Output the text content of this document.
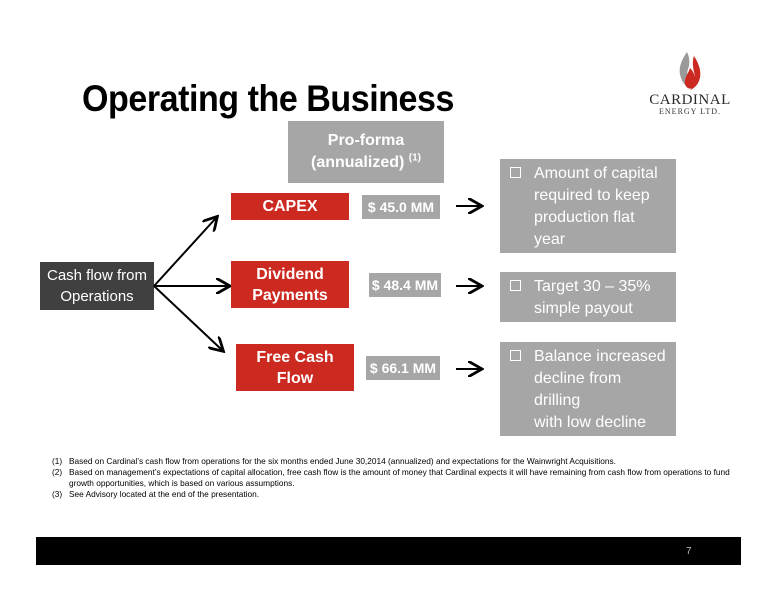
Operating the Business	CARDINAL
ENERGY LTD.
Pro-forma
(annualized) $^{(1)}$
Cash flow from
Operations
CAPEX	$ 45.0 MM
Amount of capital
required to keep
production flat year
over year
Dividend
Payments
$ 48.4 MM	Target 30 – 35%
simple payout ratio
Free Cash
Flow
$ 66.1 MM
Balance increased
decline from drilling
with low decline
acquisitions
(1) Based on Cardinal’s cash flow from operations for the six months ended June 30,2014 (annualized) and expectations for the Wainwright Acquisitions.
(2) Based on management’s expectations of capital allocation, free cash flow is the amount of money that Cardinal expects it will have remaining from cash flow from operations to fund growth opportunities, which is based on various assumptions.
(3) See Advisory located at the end of the presentation.
7
